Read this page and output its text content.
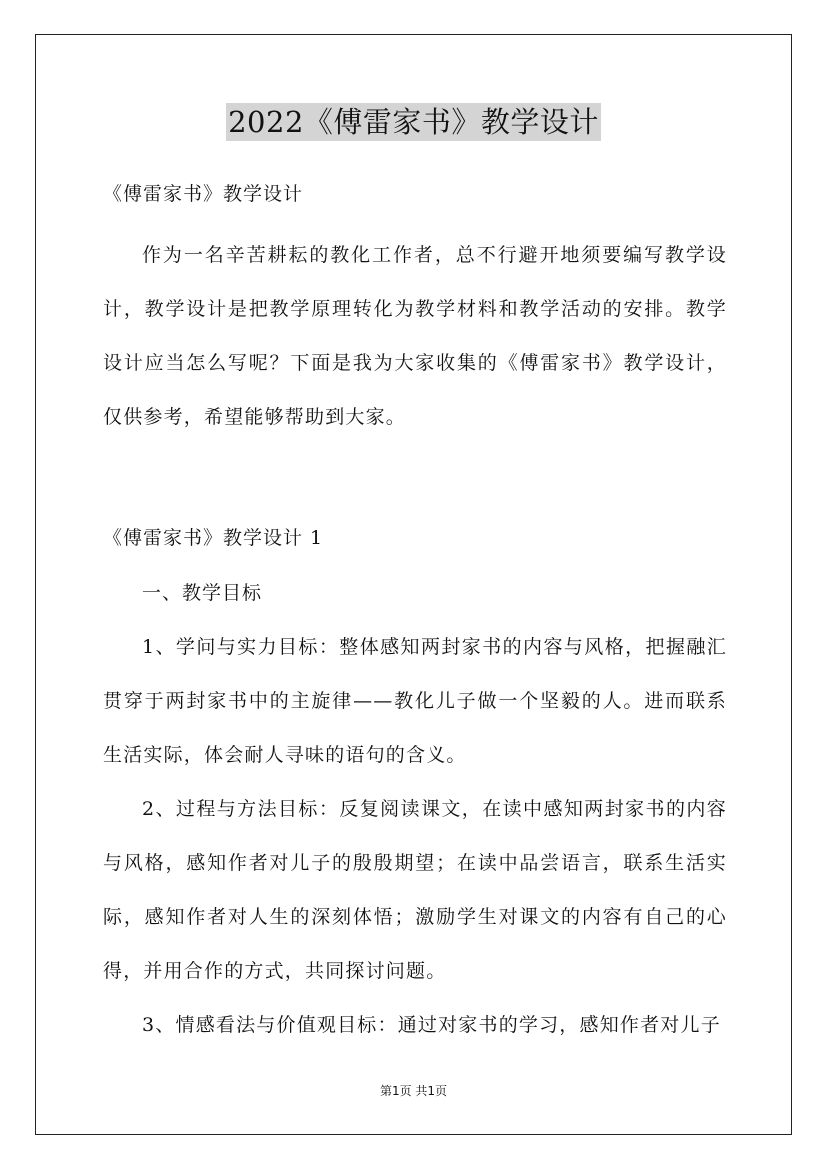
2022《傅雷家书》教学设计

《傅雷家书》教学设计

作为一名辛苦耕耘的教化工作者，总不行避开地须要编写教学设计，教学设计是把教学原理转化为教学材料和教学活动的安排。教学设计应当怎么写呢？下面是我为大家收集的《傅雷家书》教学设计，仅供参考，希望能够帮助到大家。

《傅雷家书》教学设计 1

一、教学目标

1、学问与实力目标：整体感知两封家书的内容与风格，把握融汇贯穿于两封家书中的主旋律——教化儿子做一个坚毅的人。进而联系生活实际，体会耐人寻味的语句的含义。

2、过程与方法目标：反复阅读课文，在读中感知两封家书的内容与风格，感知作者对儿子的殷殷期望；在读中品尝语言，联系生活实际，感知作者对人生的深刻体悟；激励学生对课文的内容有自己的心得，并用合作的方式，共同探讨问题。

3、情感看法与价值观目标：通过对家书的学习，感知作者对儿子

第1页 共1页
